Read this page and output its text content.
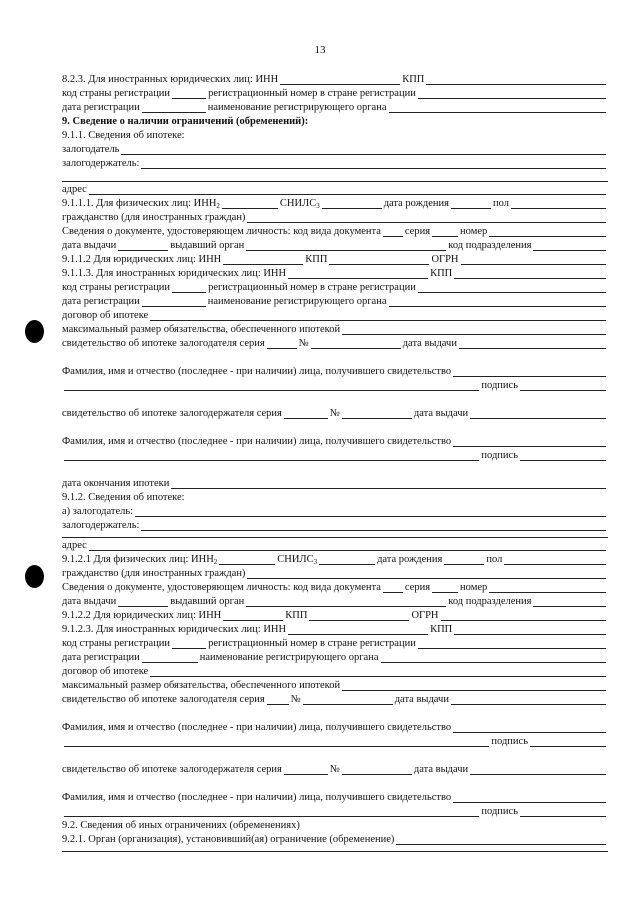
13
8.2.3. Для иностранных юридических лиц: ИНН	КПП
код страны регистрации	регистрационный номер в стране регистрации
дата регистрации	наименование регистрирующего органа
9. Сведение о наличии ограничений (обременений):
9.1.1. Сведения об ипотеке:
залогодатель
залогодержатель:
адрес
9.1.1.1. Для физических лиц: $ИНН_2$	$СНИЛС_3$	дата рождения	пол
гражданство (для иностранных граждан)
Сведения о документе, удостоверяющем личность: код вида документа серия	номер
дата выдачи	выдавший орган	код подразделения
9.1.1.2 Для юридических лиц: ИНН	КПП	ОГРН
9.1.1.3. Для иностранных юридических лиц: ИНН	КПП
код страны регистрации	регистрационный номер в стране регистрации
дата регистрации	наименование регистрирующего органа
договор об ипотеке
максимальный размер обязательства, обеспеченного ипотекой
свидетельство об ипотеке залогодателя серия	№	дата выдачи
Фамилия, имя и отчество (последнее - при наличии) лица, получившего свидетельство
подпись
свидетельство об ипотеке залогодержателя серия	№	дата выдачи
Фамилия, имя и отчество (последнее - при наличии) лица, получившего свидетельство
подпись
дата окончания ипотеки
9.1.2. Сведения об ипотеке:
а) залогодатель:
залогодержатель:
адрес
9.1.2.1 Для физических лиц: $ИНН_2$	$СНИЛС_3$	дата рождения	пол
гражданство (для иностранных граждан)
Сведения о документе, удостоверяющем личность: код вида документа серия	номер
дата выдачи	выдавший орган	код подразделения
9.1.2.2 Для юридических лиц: ИНН	КПП	ОГРН
9.1.2.3. Для иностранных юридических лиц: ИНН	КПП
код страны регистрации	регистрационный номер в стране регистрации
дата регистрации	наименование регистрирующего органа
договор об ипотеке
максимальный размер обязательства, обеспеченного ипотекой
свидетельство об ипотеке залогодателя серия №	дата выдачи
Фамилия, имя и отчество (последнее - при наличии) лица, получившего свидетельство
подпись
свидетельство об ипотеке залогодержателя серия	№	дата выдачи
Фамилия, имя и отчество (последнее - при наличии) лица, получившего свидетельство
подпись
9.2. Сведения об иных ограничениях (обременениях)
9.2.1. Орган (организация), установивший(ая) ограничение (обременение)
